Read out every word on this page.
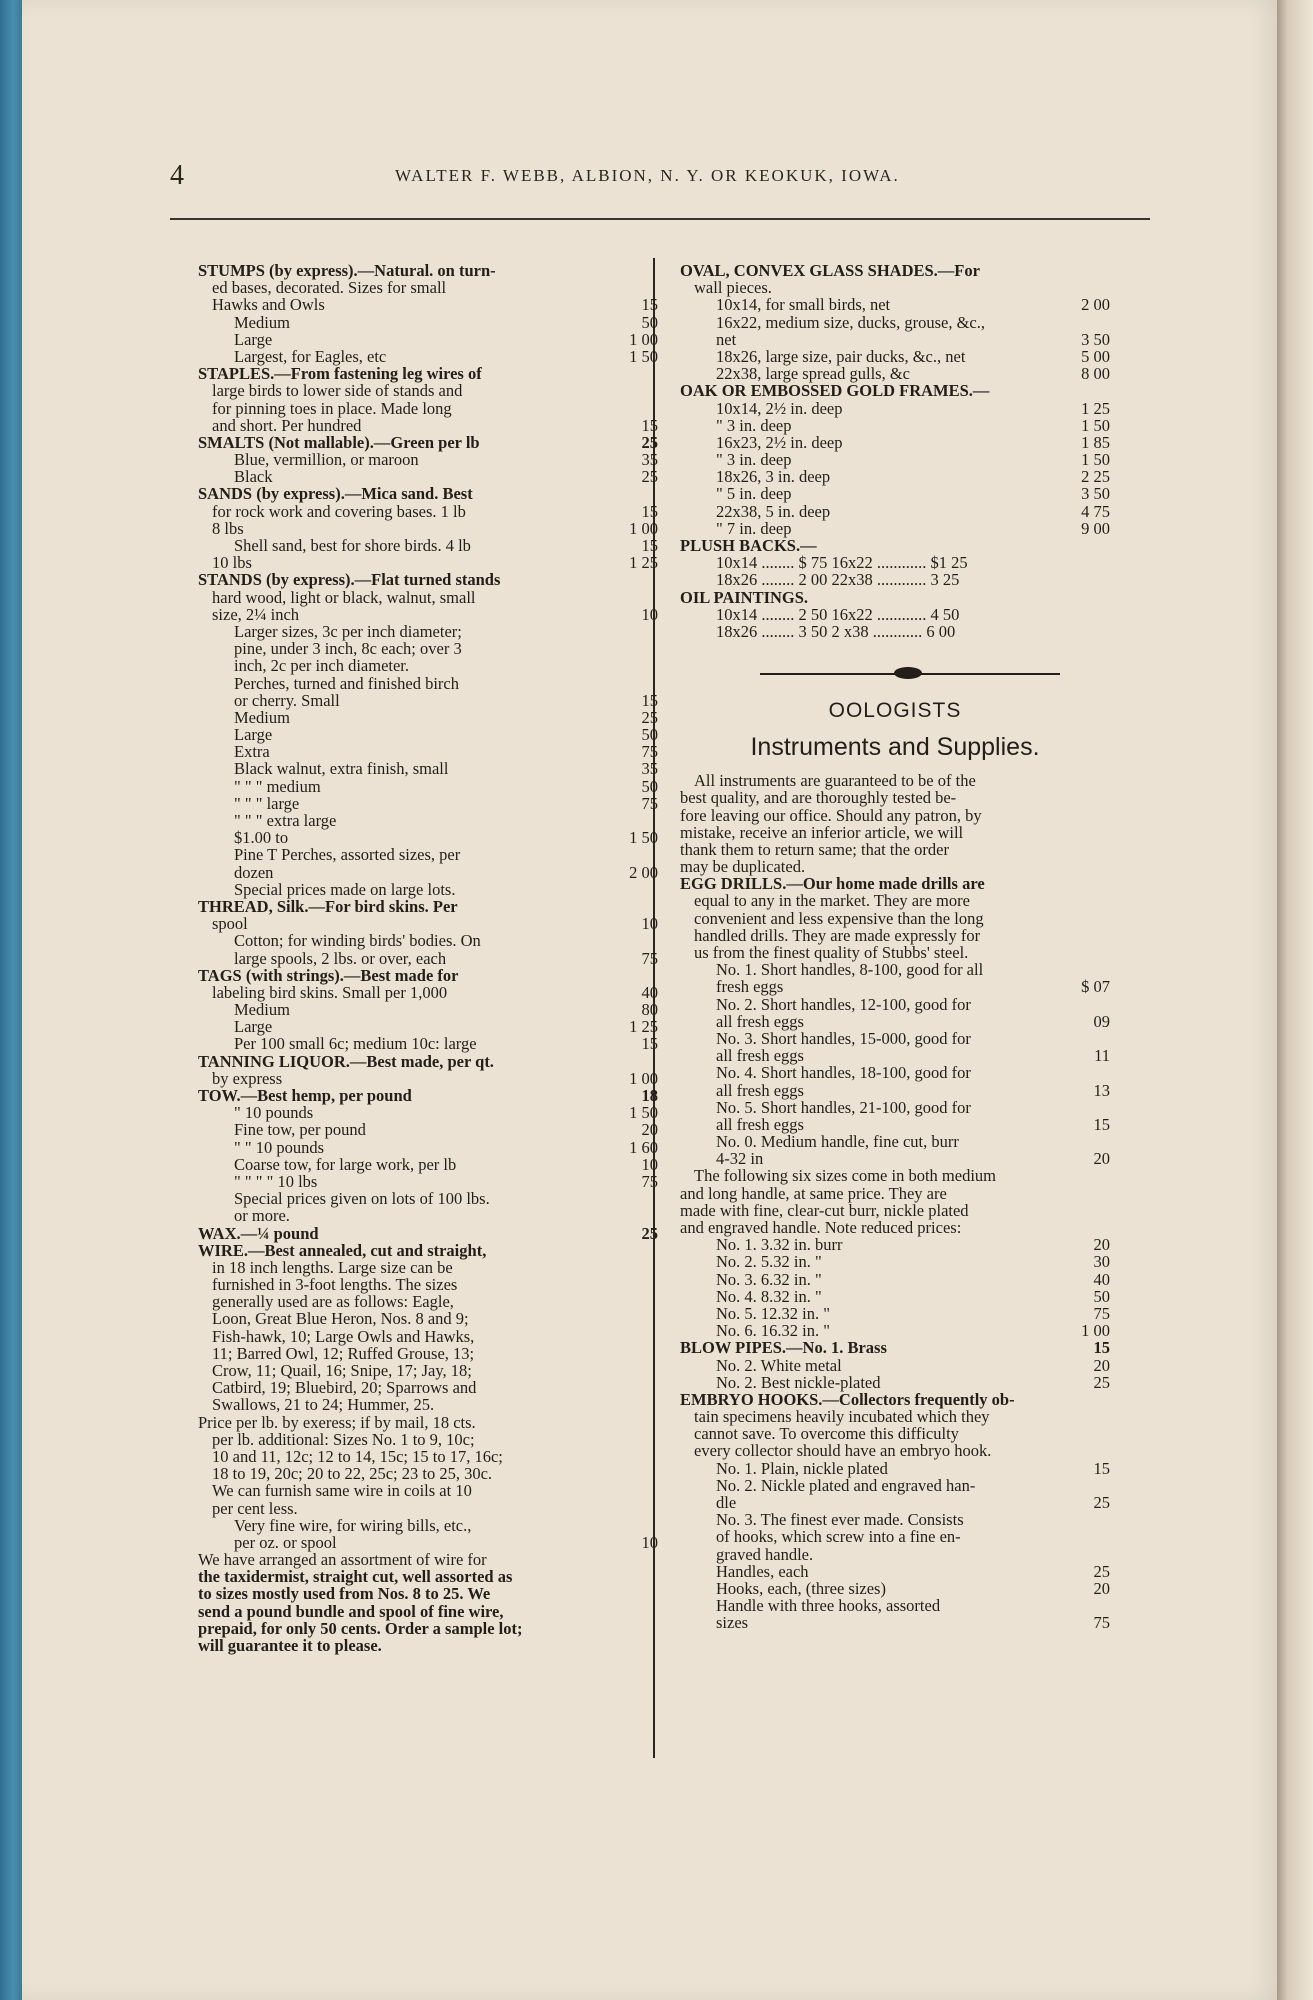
4	WALTER F. WEBB, ALBION, N. Y. OR KEOKUK, IOWA.
STUMPS (by express).—Natural. on turn-
ed bases, decorated. Sizes for small
Hawks and Owls	15
Medium	50
Large	1 00
Largest, for Eagles, etc	1 50
STAPLES.—From fastening leg wires of
large birds to lower side of stands and
for pinning toes in place. Made long
and short. Per hundred	15
SMALTS (Not mallable).—Green per lb	25
Blue, vermillion, or maroon	35
Black	25
SANDS (by express).—Mica sand. Best
for rock work and covering bases. 1 lb	15
8 lbs	1 00
Shell sand, best for shore birds. 4 lb	15
10 lbs	1 25
STANDS (by express).—Flat turned stands
hard wood, light or black, walnut, small
size, 2¼ inch	10
Larger sizes, 3c per inch diameter;
pine, under 3 inch, 8c each; over 3
inch, 2c per inch diameter.
Perches, turned and finished birch
or cherry. Small	15
Medium	25
Large	50
Extra	75
Black walnut, extra finish, small	35
" " " medium	50
" " " large	75
" " " extra large
$1.00 to	1 50
Pine T Perches, assorted sizes, per
dozen	2 00
Special prices made on large lots.
THREAD, Silk.—For bird skins. Per
spool	10
Cotton; for winding birds' bodies. On
large spools, 2 lbs. or over, each	75
TAGS (with strings).—Best made for
labeling bird skins. Small per 1,000	40
Medium	80
Large	1 25
Per 100 small 6c; medium 10c: large	15
TANNING LIQUOR.—Best made, per qt.
by express	1 00
TOW.—Best hemp, per pound	18
" 10 pounds	1 50
Fine tow, per pound	20
" " 10 pounds	1 60
Coarse tow, for large work, per lb	10
" " " " 10 lbs	75
Special prices given on lots of 100 lbs.
or more.
WAX.—¼ pound	25
WIRE.—Best annealed, cut and straight,
in 18 inch lengths. Large size can be
furnished in 3-foot lengths. The sizes
generally used are as follows: Eagle,
Loon, Great Blue Heron, Nos. 8 and 9;
Fish-hawk, 10; Large Owls and Hawks,
11; Barred Owl, 12; Ruffed Grouse, 13;
Crow, 11; Quail, 16; Snipe, 17; Jay, 18;
Catbird, 19; Bluebird, 20; Sparrows and
Swallows, 21 to 24; Hummer, 25.
Price per lb. by exeress; if by mail, 18 cts.
per lb. additional: Sizes No. 1 to 9, 10c;
10 and 11, 12c; 12 to 14, 15c; 15 to 17, 16c;
18 to 19, 20c; 20 to 22, 25c; 23 to 25, 30c.
We can furnish same wire in coils at 10
per cent less.
Very fine wire, for wiring bills, etc.,
per oz. or spool	10
We have arranged an assortment of wire for
the taxidermist, straight cut, well assorted as
to sizes mostly used from Nos. 8 to 25. We
send a pound bundle and spool of fine wire,
prepaid, for only 50 cents. Order a sample lot;
will guarantee it to please.
OVAL, CONVEX GLASS SHADES.—For
wall pieces.
10x14, for small birds, net	2 00
16x22, medium size, ducks, grouse, &c.,
net	3 50
18x26, large size, pair ducks, &c., net	5 00
22x38, large spread gulls, &c	8 00
OAK OR EMBOSSED GOLD FRAMES.—
10x14, 2½ in. deep	1 25
" 3 in. deep	1 50
16x23, 2½ in. deep	1 85
" 3 in. deep	1 50
18x26, 3 in. deep	2 25
" 5 in. deep	3 50
22x38, 5 in. deep	4 75
" 7 in. deep	9 00
PLUSH BACKS.—
10x14 ........ $ 75 16x22 ............ $1 25
18x26 ........ 2 00 22x38 ............ 3 25
OIL PAINTINGS.
10x14 ........ 2 50 16x22 ............ 4 50
18x26 ........ 3 50 2 x38 ............ 6 00
OOLOGISTS
Instruments and Supplies.
All instruments are guaranteed to be of the
best quality, and are thoroughly tested be-
fore leaving our office. Should any patron, by
mistake, receive an inferior article, we will
thank them to return same; that the order
may be duplicated.
EGG DRILLS.—Our home made drills are
equal to any in the market. They are more
convenient and less expensive than the long
handled drills. They are made expressly for
us from the finest quality of Stubbs' steel.
No. 1. Short handles, 8-100, good for all
fresh eggs	$ 07
No. 2. Short handles, 12-100, good for
all fresh eggs	09
No. 3. Short handles, 15-000, good for
all fresh eggs	11
No. 4. Short handles, 18-100, good for
all fresh eggs	13
No. 5. Short handles, 21-100, good for
all fresh eggs	15
No. 0. Medium handle, fine cut, burr
4-32 in	20
The following six sizes come in both medium
and long handle, at same price. They are
made with fine, clear-cut burr, nickle plated
and engraved handle. Note reduced prices:
No. 1. 3.32 in. burr	20
No. 2. 5.32 in. "	30
No. 3. 6.32 in. "	40
No. 4. 8.32 in. "	50
No. 5. 12.32 in. "	75
No. 6. 16.32 in. "	1 00
BLOW PIPES.—No. 1. Brass	15
No. 2. White metal	20
No. 2. Best nickle-plated	25
EMBRYO HOOKS.—Collectors frequently ob-
tain specimens heavily incubated which they
cannot save. To overcome this difficulty
every collector should have an embryo hook.
No. 1. Plain, nickle plated	15
No. 2. Nickle plated and engraved han-
dle	25
No. 3. The finest ever made. Consists
of hooks, which screw into a fine en-
graved handle.
Handles, each	25
Hooks, each, (three sizes)	20
Handle with three hooks, assorted
sizes	75
